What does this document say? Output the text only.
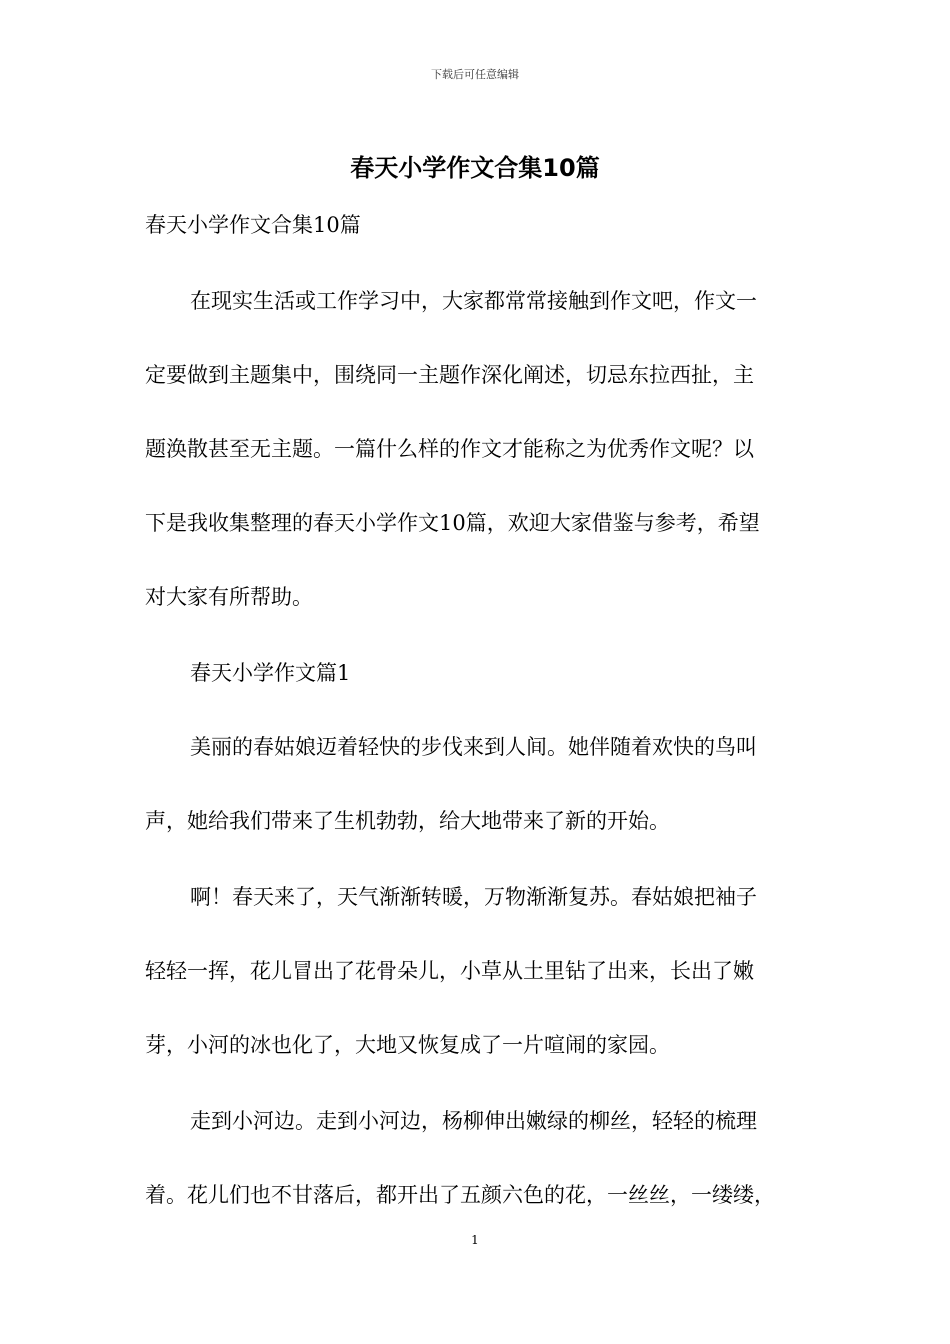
下载后可任意编辑
春天小学作文合集10篇
春天小学作文合集10篇
在现实生活或工作学习中，大家都常常接触到作文吧，作文一
定要做到主题集中，围绕同一主题作深化阐述，切忌东拉西扯，主
题涣散甚至无主题。一篇什么样的作文才能称之为优秀作文呢？以
下是我收集整理的春天小学作文10篇，欢迎大家借鉴与参考，希望
对大家有所帮助。
春天小学作文篇1
美丽的春姑娘迈着轻快的步伐来到人间。她伴随着欢快的鸟叫
声，她给我们带来了生机勃勃，给大地带来了新的开始。
啊！春天来了，天气渐渐转暖，万物渐渐复苏。春姑娘把袖子
轻轻一挥，花儿冒出了花骨朵儿，小草从土里钻了出来，长出了嫩
芽，小河的冰也化了，大地又恢复成了一片喧闹的家园。
走到小河边。走到小河边，杨柳伸出嫩绿的柳丝，轻轻的梳理
着。花儿们也不甘落后，都开出了五颜六色的花，一丝丝，一缕缕，
1
